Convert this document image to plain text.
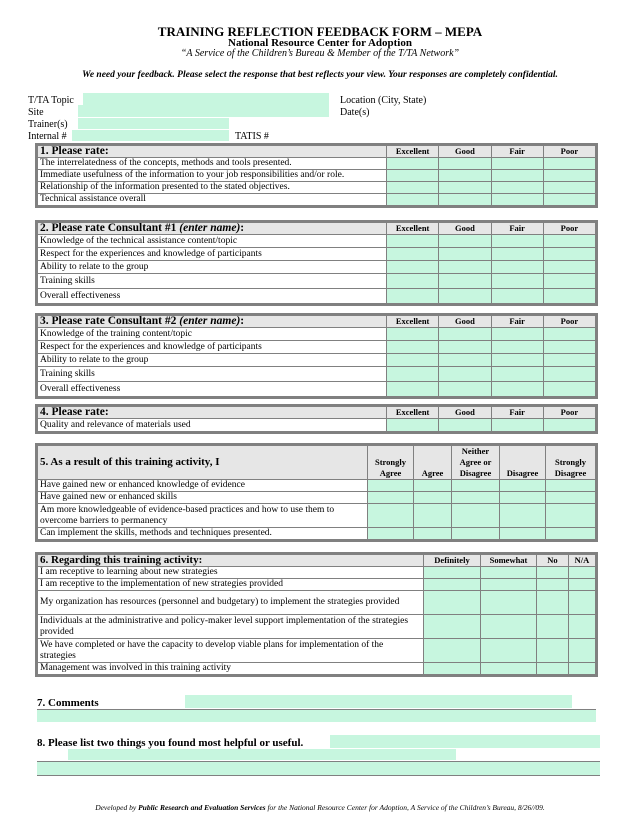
TRAINING REFLECTION FEEDBACK FORM – MEPA
National Resource Center for Adoption
“A Service of the Children’s Bureau & Member of the T/TA Network”
We need your feedback. Please select the response that best reflects your view. Your responses are completely confidential.
T/TA Topic	Location (City, State)
Site	Date(s)
Trainer(s)
Internal #	TATIS #
1. Please rate:	Excellent	Good	Fair	Poor
The interrelatedness of the concepts, methods and tools presented.				
Immediate usefulness of the information to your job responsibilities and/or role.				
Relationship of the information presented to the stated objectives.				
Technical assistance overall				
2. Please rate Consultant #1 (enter name):	Excellent	Good	Fair	Poor
Knowledge of the technical assistance content/topic				
Respect for the experiences and knowledge of participants				
Ability to relate to the group				
Training skills				
Overall effectiveness				
3. Please rate Consultant #2 (enter name):	Excellent	Good	Fair	Poor
Knowledge of the training content/topic				
Respect for the experiences and knowledge of participants				
Ability to relate to the group				
Training skills				
Overall effectiveness				
4. Please rate:	Excellent	Good	Fair	Poor
Quality and relevance of materials used				
5. As a result of this training activity, I	Strongly Agree	Agree	Neither Agree or Disagree	Disagree	Strongly Disagree
Have gained new or enhanced knowledge of evidence					
Have gained new or enhanced skills					
Am more knowledgeable of evidence-based practices and how to use them to overcome barriers to permanency					
Can implement the skills, methods and techniques presented.					
6. Regarding this training activity:	Definitely	Somewhat	No	N/A
I am receptive to learning about new strategies				
I am receptive to the implementation of new strategies provided				
My organization has resources (personnel and budgetary) to implement the strategies provided				
Individuals at the administrative and policy-maker level support implementation of the strategies provided				
We have completed or have the capacity to develop viable plans for implementation of the strategies				
Management was involved in this training activity				
7. Comments
8. Please list two things you found most helpful or useful.
Developed by Public Research and Evaluation Services for the National Resource Center for Adoption, A Service of the Children’s Bureau, 8/26//09.
